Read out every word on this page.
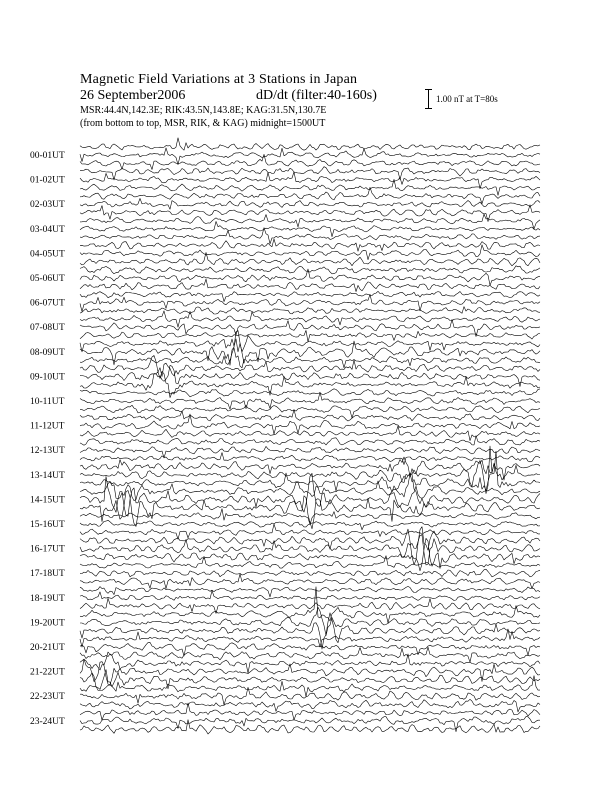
Magnetic Field Variations at 3 Stations in Japan
26 September2006	dD/dt (filter:40-160s)
MSR:44.4N,142.3E; RIK:43.5N,143.8E; KAG:31.5N,130.7E
(from bottom to top, MSR, RIK, & KAG) midnight=1500UT
1.00 nT at T=80s
00-01UT
01-02UT
02-03UT
03-04UT
04-05UT
05-06UT
06-07UT
07-08UT
08-09UT
09-10UT
10-11UT
11-12UT
12-13UT
13-14UT
14-15UT
15-16UT
16-17UT
17-18UT
18-19UT
19-20UT
20-21UT
21-22UT
22-23UT
23-24UT
